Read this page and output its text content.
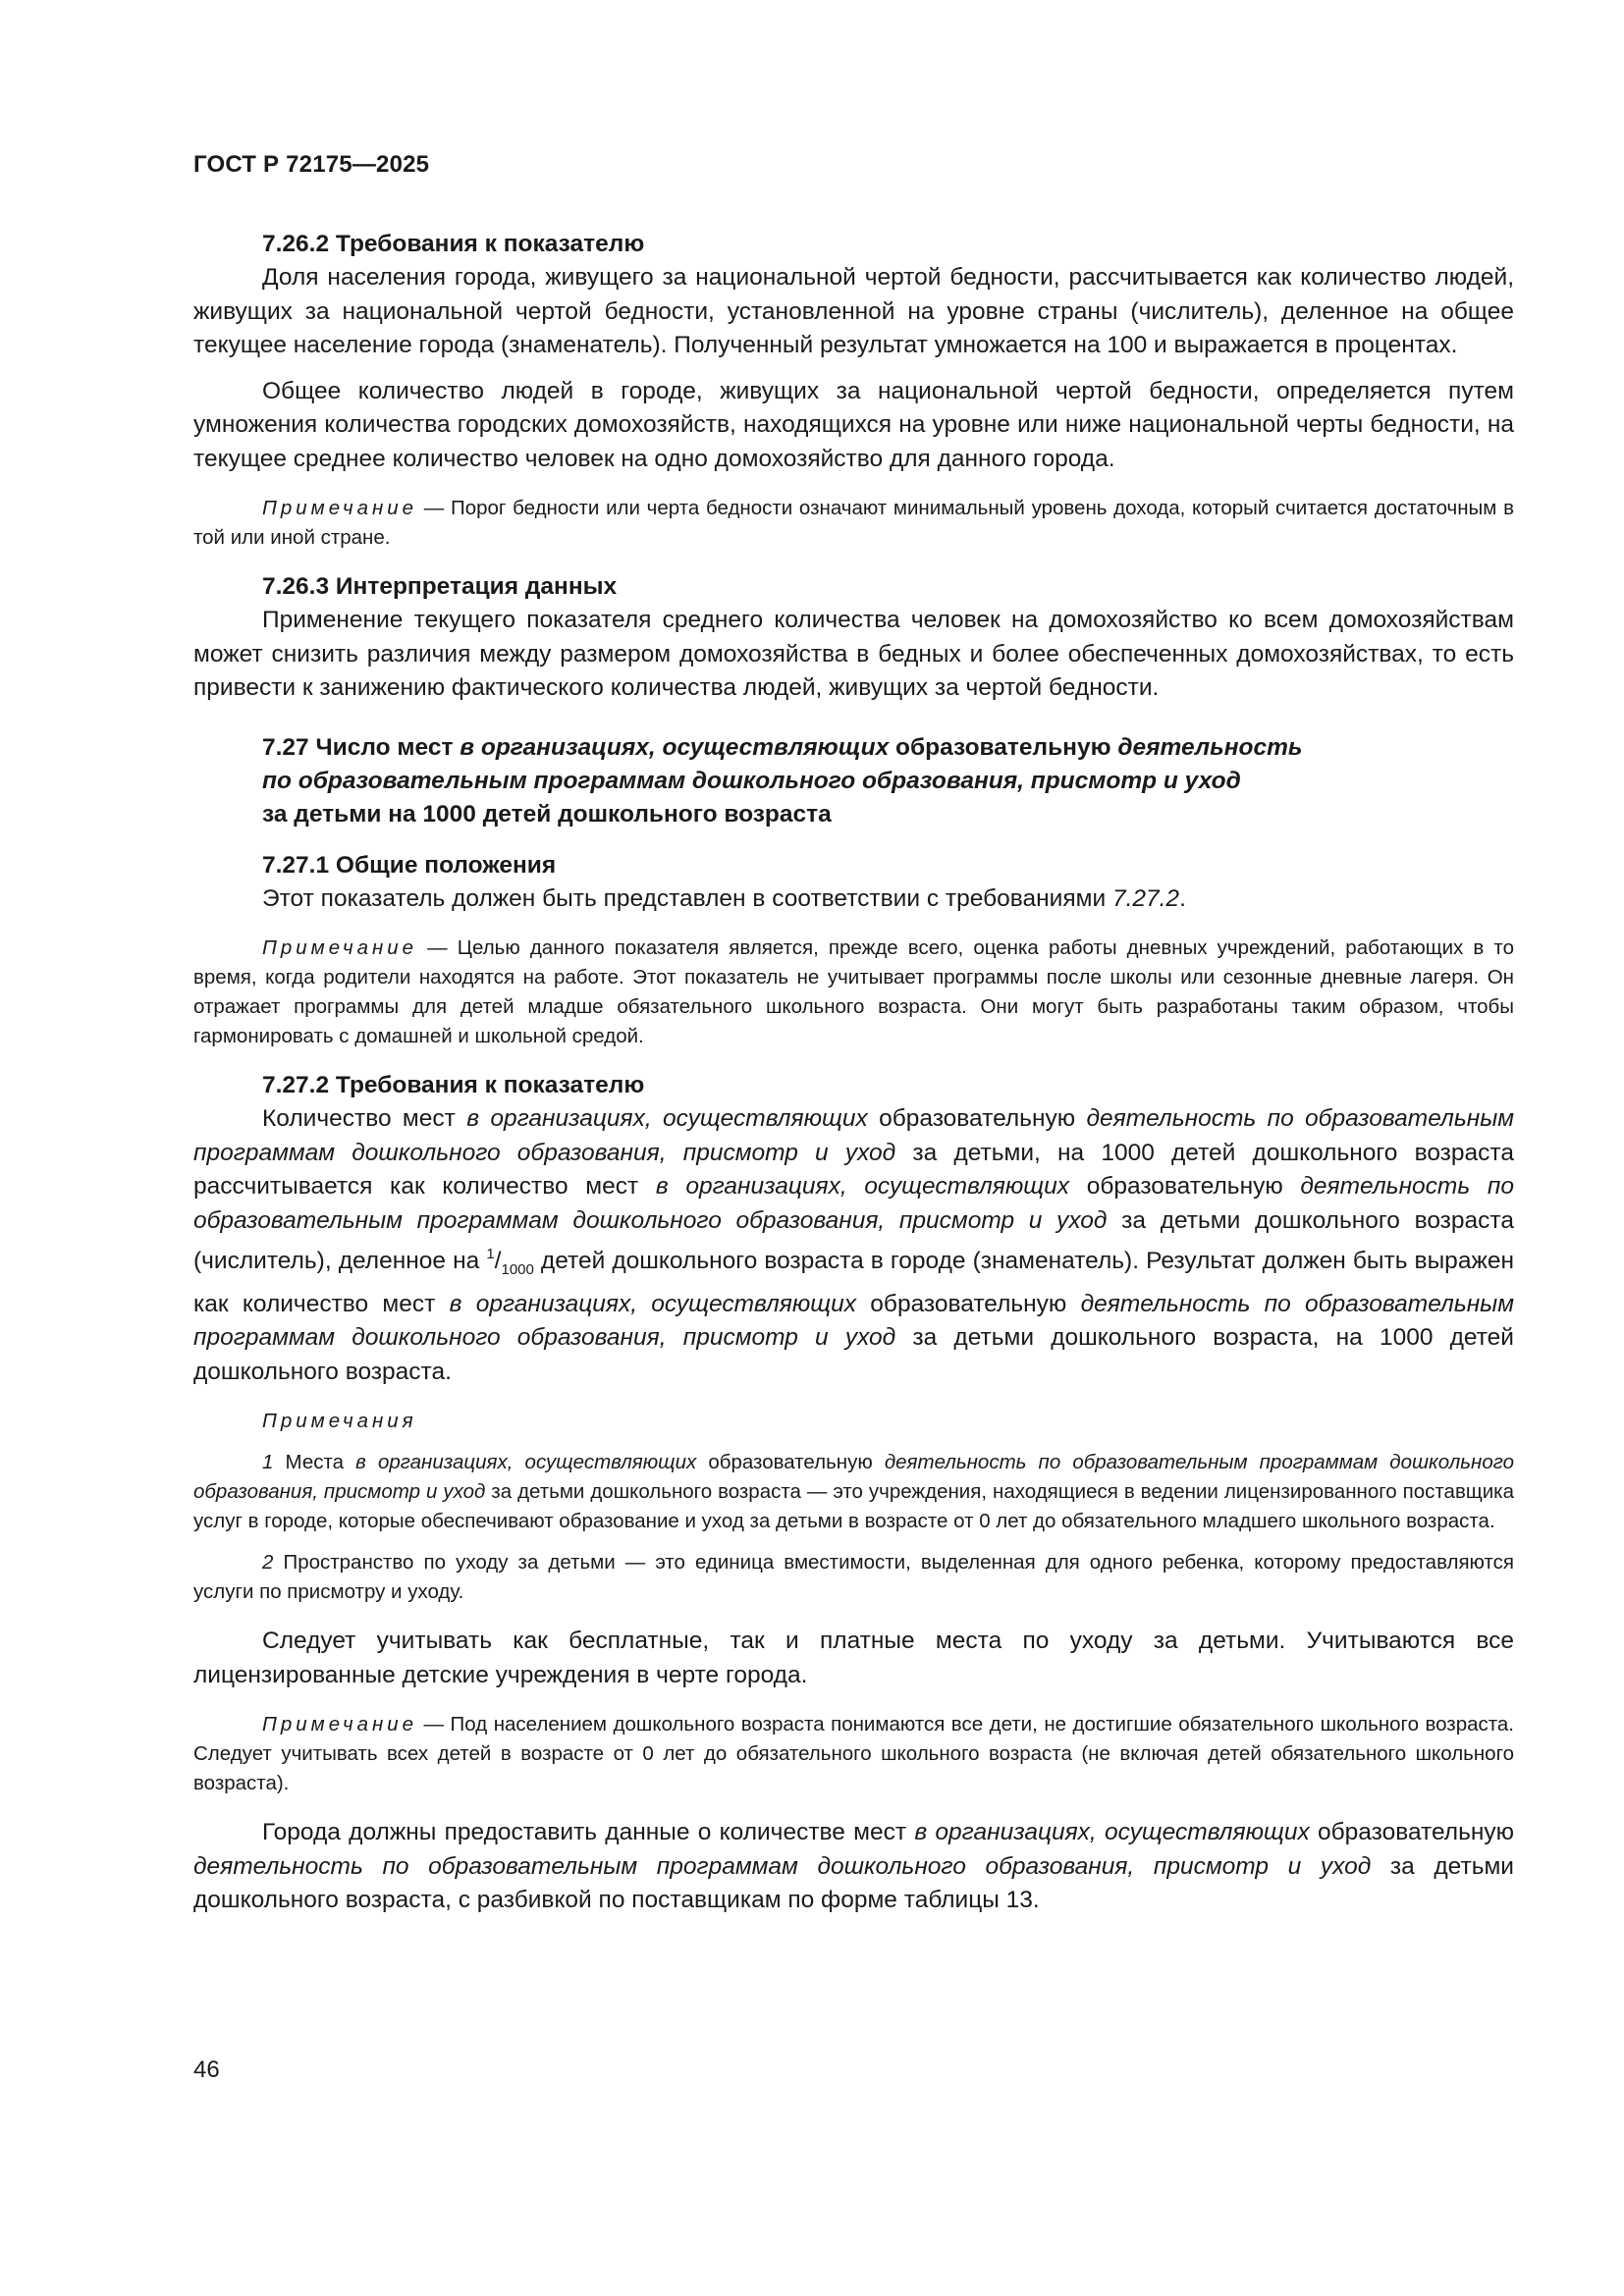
ГОСТ Р 72175—2025
7.26.2 Требования к показателю

Доля населения города, живущего за национальной чертой бедности, рассчитывается как количество людей, живущих за национальной чертой бедности, установленной на уровне страны (числитель), деленное на общее текущее население города (знаменатель). Полученный результат умножается на 100 и выражается в процентах.

Общее количество людей в городе, живущих за национальной чертой бедности, определяется путем умножения количества городских домохозяйств, находящихся на уровне или ниже национальной черты бедности, на текущее среднее количество человек на одно домохозяйство для данного города.

Примечание — Порог бедности или черта бедности означают минимальный уровень дохода, который считается достаточным в той или иной стране.

7.26.3 Интерпретация данных

Применение текущего показателя среднего количества человек на домохозяйство ко всем домохозяйствам может снизить различия между размером домохозяйства в бедных и более обеспеченных домохозяйствах, то есть привести к занижению фактического количества людей, живущих за чертой бедности.

7.27 Число мест в организациях, осуществляющих образовательную деятельность
по образовательным программам дошкольного образования, присмотр и уход
за детьми на 1000 детей дошкольного возраста
7.27.1 Общие положения

Этот показатель должен быть представлен в соответствии с требованиями 7.27.2.

Примечание — Целью данного показателя является, прежде всего, оценка работы дневных учреждений, работающих в то время, когда родители находятся на работе. Этот показатель не учитывает программы после школы или сезонные дневные лагеря. Он отражает программы для детей младше обязательного школьного возраста. Они могут быть разработаны таким образом, чтобы гармонировать с домашней и школьной средой.

7.27.2 Требования к показателю

Количество мест в организациях, осуществляющих образовательную деятельность по образовательным программам дошкольного образования, присмотр и уход за детьми, на 1000 детей дошкольного возраста рассчитывается как количество мест в организациях, осуществляющих образовательную деятельность по образовательным программам дошкольного образования, присмотр и уход за детьми дошкольного возраста (числитель), деленное на $^1/_{1000}$ детей дошкольного возраста в городе (знаменатель). Результат должен быть выражен как количество мест в организациях, осуществляющих образовательную деятельность по образовательным программам дошкольного образования, присмотр и уход за детьми дошкольного возраста, на 1000 детей дошкольного возраста.

Примечания

1 Места в организациях, осуществляющих образовательную деятельность по образовательным программам дошкольного образования, присмотр и уход за детьми дошкольного возраста — это учреждения, находящиеся в ведении лицензированного поставщика услуг в городе, которые обеспечивают образование и уход за детьми в возрасте от 0 лет до обязательного младшего школьного возраста.

2 Пространство по уходу за детьми — это единица вместимости, выделенная для одного ребенка, которому предоставляются услуги по присмотру и уходу.

Следует учитывать как бесплатные, так и платные места по уходу за детьми. Учитываются все лицензированные детские учреждения в черте города.

Примечание — Под населением дошкольного возраста понимаются все дети, не достигшие обязательного школьного возраста. Следует учитывать всех детей в возрасте от 0 лет до обязательного школьного возраста (не включая детей обязательного школьного возраста).

Города должны предоставить данные о количестве мест в организациях, осуществляющих образовательную деятельность по образовательным программам дошкольного образования, присмотр и уход за детьми дошкольного возраста, с разбивкой по поставщикам по форме таблицы 13.

46
